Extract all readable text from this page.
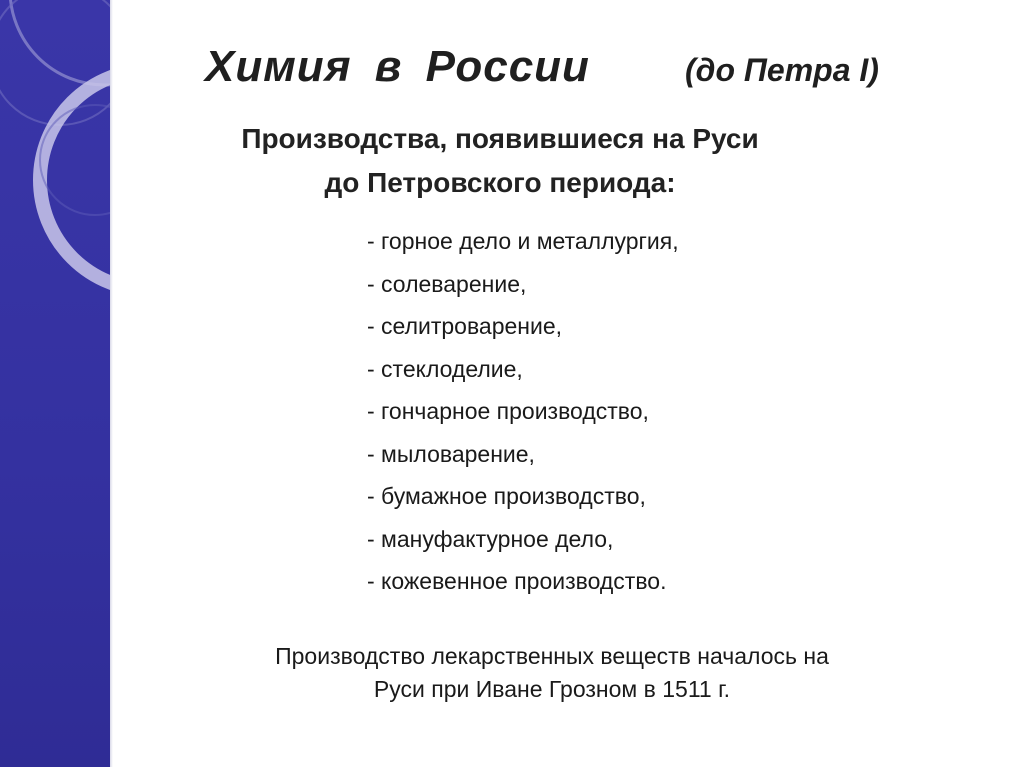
Химия в России	(до Петра I)
Производства, появившиеся на Руси
до Петровского периода:
- горное дело и металлургия,
- солеварение,
- селитроварение,
- стеклоделие,
- гончарное производство,
- мыловарение,
- бумажное производство,
- мануфактурное дело,
- кожевенное производство.
Производство лекарственных веществ началось на
Руси при Иване Грозном в 1511 г.
